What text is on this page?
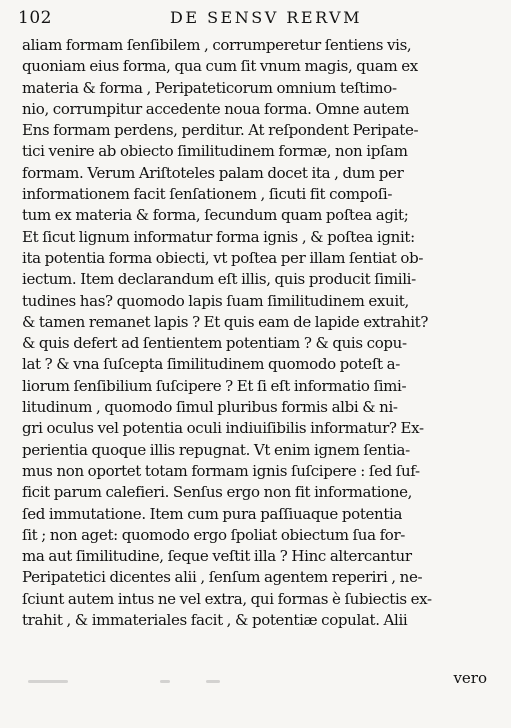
102	DE SENSV RERVM
aliam formam ſenſibilem , corrumperetur ſentiens vis,
quoniam eius forma, qua cum ſit vnum magis, quam ex
materia & forma , Peripateticorum omnium teſtimo-
nio, corrumpitur accedente noua forma. Omne autem
Ens formam perdens, perditur. At reſpondent Peripate-
tici venire ab obiecto ſimilitudinem formæ, non ipſam
formam. Verum Ariſtoteles palam docet ita , dum per
informationem facit ſenſationem , ſicuti fit compoſi-
tum ex materia & forma, ſecundum quam poſtea agit;
Et ſicut lignum informatur forma ignis , & poſtea ignit:
ita potentia forma obiecti, vt poſtea per illam ſentiat ob-
iectum. Item declarandum eſt illis, quis producit ſimili-
tudines has? quomodo lapis ſuam ſimilitudinem exuit,
& tamen remanet lapis ? Et quis eam de lapide extrahit?
& quis defert ad ſentientem potentiam ? & quis copu-
lat ? & vna ſuſcepta ſimilitudinem quomodo poteſt a-
liorum ſenſibilium ſuſcipere ? Et ſi eſt informatio ſimi-
litudinum , quomodo ſimul pluribus formis albi & ni-
gri oculus vel potentia oculi indiuiſibilis informatur? Ex-
perientia quoque illis repugnat. Vt enim ignem ſentia-
mus non oportet totam formam ignis ſuſcipere : ſed ſuf-
ficit parum calefieri. Senſus ergo non fit informatione,
ſed immutatione. Item cum pura paſſiuaque potentia
ſit ; non aget: quomodo ergo ſpoliat obiectum ſua for-
ma aut ſimilitudine, ſeque veſtit illa ? Hinc altercantur
Peripatetici dicentes alii , ſenſum agentem reperiri , ne-
ſciunt autem intus ne vel extra, qui formas è ſubiectis ex-
trahit , & immateriales facit , & potentiæ copulat. Alii
vero
